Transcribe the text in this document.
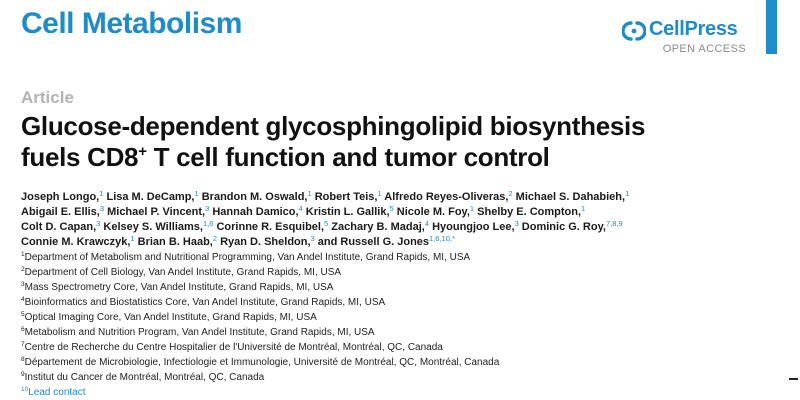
Cell Metabolism	CellPress
OPEN ACCESS
Article
Glucose-dependent glycosphingolipid biosynthesis
fuels CD8+ T cell function and tumor control
Joseph Longo,$^1$ Lisa M. DeCamp,$^1$ Brandon M. Oswald,$^1$ Robert Teis,$^1$ Alfredo Reyes-Oliveras,$^2$ Michael S. Dahabieh,$^1$
Abigail E. Ellis,$^3$ Michael P. Vincent,$^3$ Hannah Damico,$^4$ Kristin L. Gallik,$^5$ Nicole M. Foy,$^1$ Shelby E. Compton,$^1$
Colt D. Capan,$^3$ Kelsey S. Williams,$^{1,6}$ Corinne R. Esquibel,$^5$ Zachary B. Madaj,$^4$ Hyoungjoo Lee,$^3$ Dominic G. Roy,$^{7,8,9}$
Connie M. Krawczyk,$^1$ Brian B. Haab,$^2$ Ryan D. Sheldon,$^3$ and Russell G. Jones$^{1,6,10,*}$
$^1$Department of Metabolism and Nutritional Programming, Van Andel Institute, Grand Rapids, MI, USA
$^2$Department of Cell Biology, Van Andel Institute, Grand Rapids, MI, USA
$^3$Mass Spectrometry Core, Van Andel Institute, Grand Rapids, MI, USA
$^4$Bioinformatics and Biostatistics Core, Van Andel Institute, Grand Rapids, MI, USA
$^5$Optical Imaging Core, Van Andel Institute, Grand Rapids, MI, USA
$^6$Metabolism and Nutrition Program, Van Andel Institute, Grand Rapids, MI, USA
$^7$Centre de Recherche du Centre Hospitalier de l'Université de Montréal, Montréal, QC, Canada
$^8$Département de Microbiologie, Infectiologie et Immunologie, Université de Montréal, QC, Montréal, Canada
$^9$Institut du Cancer de Montréal, Montréal, QC, Canada
$^{10}$Lead contact
